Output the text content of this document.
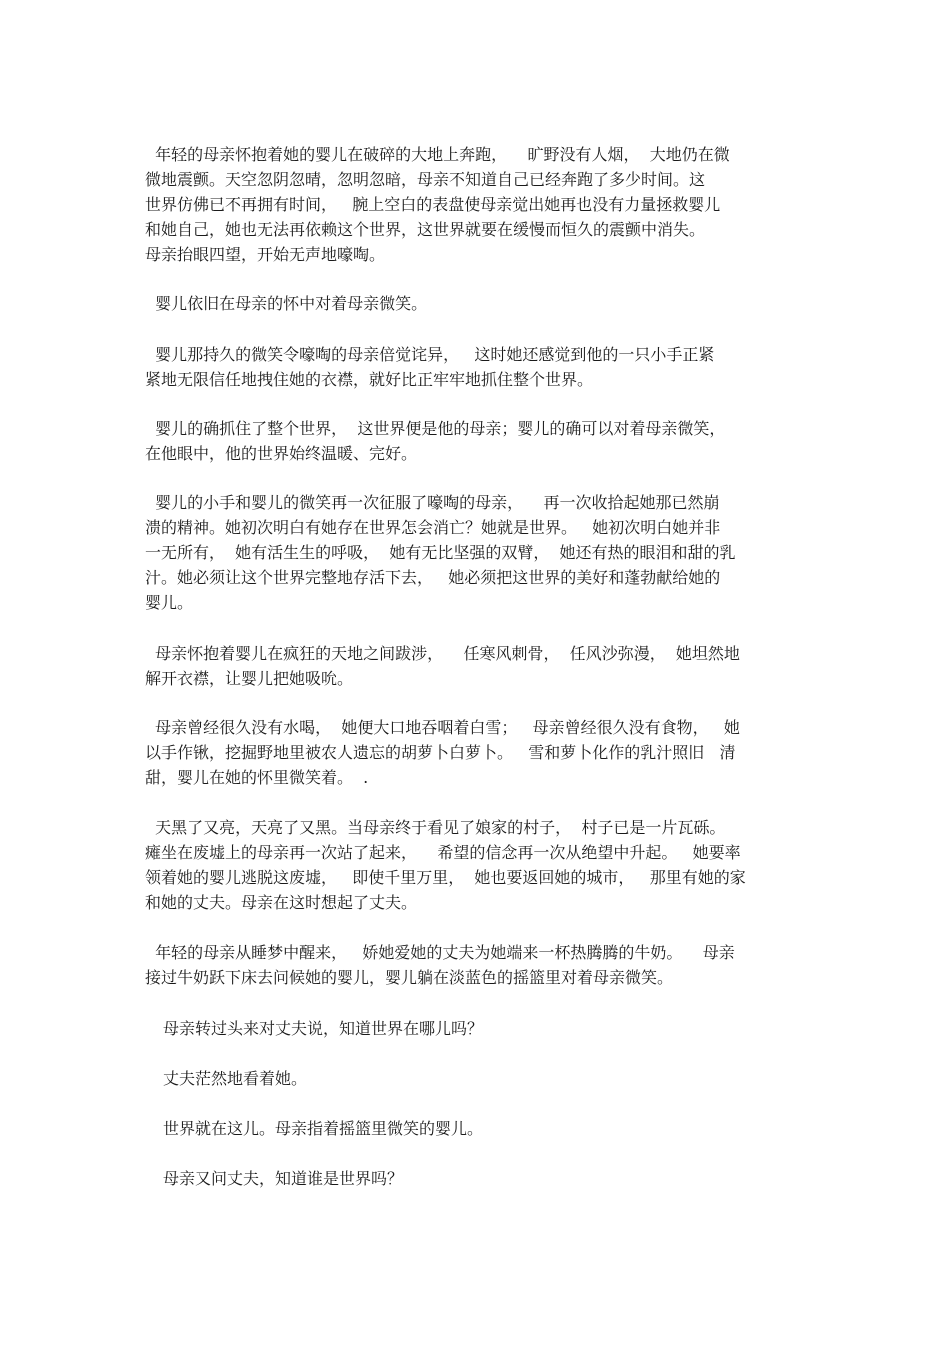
年轻的母亲怀抱着她的婴儿在破碎的大地上奔跑，    旷野没有人烟，  大地仍在微
微地震颤。天空忽阴忽晴，忽明忽暗，母亲不知道自己已经奔跑了多少时间。这
世界仿佛已不再拥有时间，   腕上空白的表盘使母亲觉出她再也没有力量拯救婴儿
和她自己，她也无法再依赖这个世界，这世界就要在缓慢而恒久的震颤中消失。
母亲抬眼四望，开始无声地嚎啕。
婴儿依旧在母亲的怀中对着母亲微笑。
婴儿那持久的微笑令嚎啕的母亲倍觉诧异，   这时她还感觉到他的一只小手正紧
紧地无限信任地拽住她的衣襟，就好比正牢牢地抓住整个世界。
婴儿的确抓住了整个世界，  这世界便是他的母亲；婴儿的确可以对着母亲微笑，
在他眼中，他的世界始终温暖、完好。
婴儿的小手和婴儿的微笑再一次征服了嚎啕的母亲，    再一次收拾起她那已然崩
溃的精神。她初次明白有她存在世界怎会消亡？她就是世界。   她初次明白她并非
一无所有，  她有活生生的呼吸，  她有无比坚强的双臂，  她还有热的眼泪和甜的乳
汁。她必须让这个世界完整地存活下去，   她必须把这世界的美好和蓬勃献给她的
婴儿。
母亲怀抱着婴儿在疯狂的天地之间跋涉，    任寒风刺骨，  任风沙弥漫，  她坦然地
解开衣襟，让婴儿把她吸吮。
母亲曾经很久没有水喝，  她便大口地吞咽着白雪；   母亲曾经很久没有食物，   她
以手作锹，挖掘野地里被农人遗忘的胡萝卜白萝卜。   雪和萝卜化作的乳汁照旧   清
甜，婴儿在她的怀里微笑着。  .
天黑了又亮，天亮了又黑。当母亲终于看见了娘家的村子，  村子已是一片瓦砾。
瘫坐在废墟上的母亲再一次站了起来，    希望的信念再一次从绝望中升起。   她要率
领着她的婴儿逃脱这废墟，   即使千里万里，  她也要返回她的城市，   那里有她的家
和她的丈夫。母亲在这时想起了丈夫。
年轻的母亲从睡梦中醒来，   娇她爱她的丈夫为她端来一杯热腾腾的牛奶。    母亲
接过牛奶跃下床去问候她的婴儿，婴儿躺在淡蓝色的摇篮里对着母亲微笑。
母亲转过头来对丈夫说，知道世界在哪儿吗？
丈夫茫然地看着她。
世界就在这儿。母亲指着摇篮里微笑的婴儿。
母亲又问丈夫，知道谁是世界吗？
